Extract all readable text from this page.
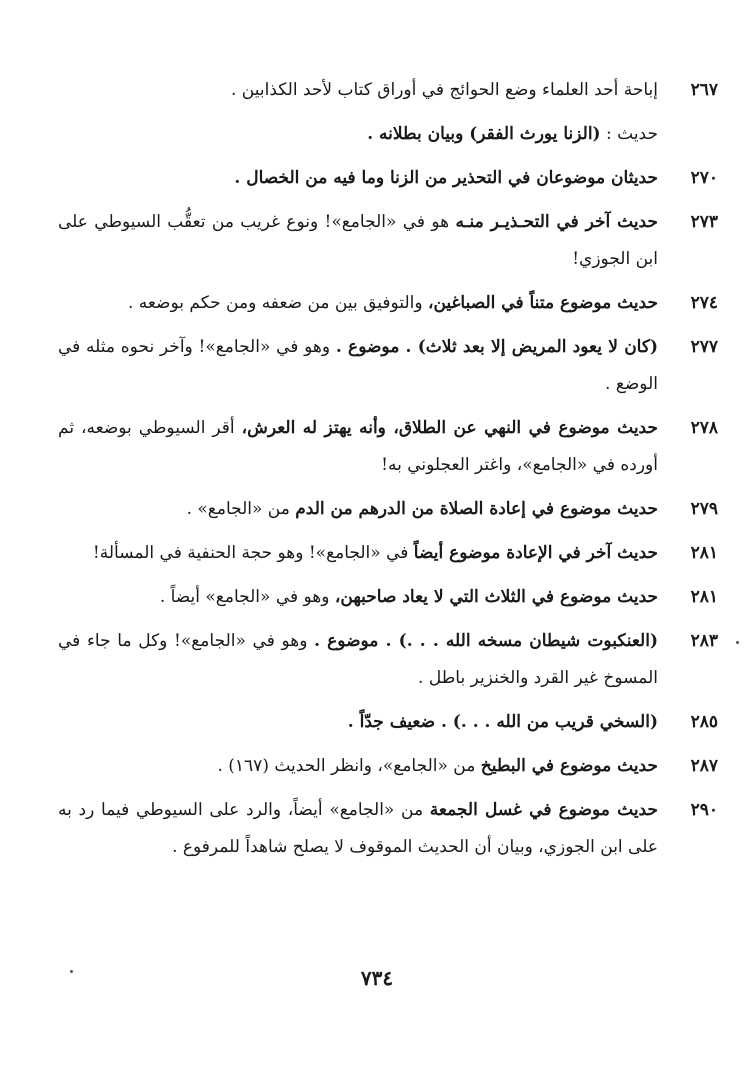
٢٦٧
إباحة أحد العلماء وضع الحوائج في أوراق كتاب لأحد الكذابين .
حديث : (الزنا يورث الفقر) وبيان بطلانه .
٢٧٠
حديثان موضوعان في التحذير من الزنا وما فيه من الخصال .
٢٧٣
حديث آخر في التحـذيـر منـه هو في «الجامع»! ونوع غريب من تعقُّب السيوطي على ابن الجوزي!
٢٧٤
حديث موضوع متناً في الصباغين، والتوفيق بين من ضعفه ومن حكم بوضعه .
٢٧٧
(كان لا يعود المريض إلا بعد ثلاث) . موضوع . وهو في «الجامع»! وآخر نحوه مثله في الوضع .
٢٧٨
حديث موضوع في النهي عن الطلاق، وأنه يهتز له العرش، أقر السيوطي بوضعه، ثم أورده في «الجامع»، واغتر العجلوني به!
٢٧٩
حديث موضوع في إعادة الصلاة من الدرهم من الدم من «الجامع» .
٢٨١
حديث آخر في الإعادة موضوع أيضاً في «الجامع»! وهو حجة الحنفية في المسألة!
٢٨١
حديث موضوع في الثلاث التي لا يعاد صاحبهن، وهو في «الجامع» أيضاً .
٢٨٣
(العنكبوت شيطان مسخه الله . . .) . موضوع . وهو في «الجامع»! وكل ما جاء في المسوخ غير القرد والخنزير باطل .
٢٨٥
(السخي قريب من الله . . .) . ضعيف جدّاً .
٢٨٧
حديث موضوع في البطيخ من «الجامع»، وانظر الحديث (١٦٧) .
٢٩٠
حديث موضوع في غسل الجمعة من «الجامع» أيضاً، والرد على السيوطي فيما رد به على ابن الجوزي، وبيان أن الحديث الموقوف لا يصلح شاهداً للمرفوع .
٧٣٤
